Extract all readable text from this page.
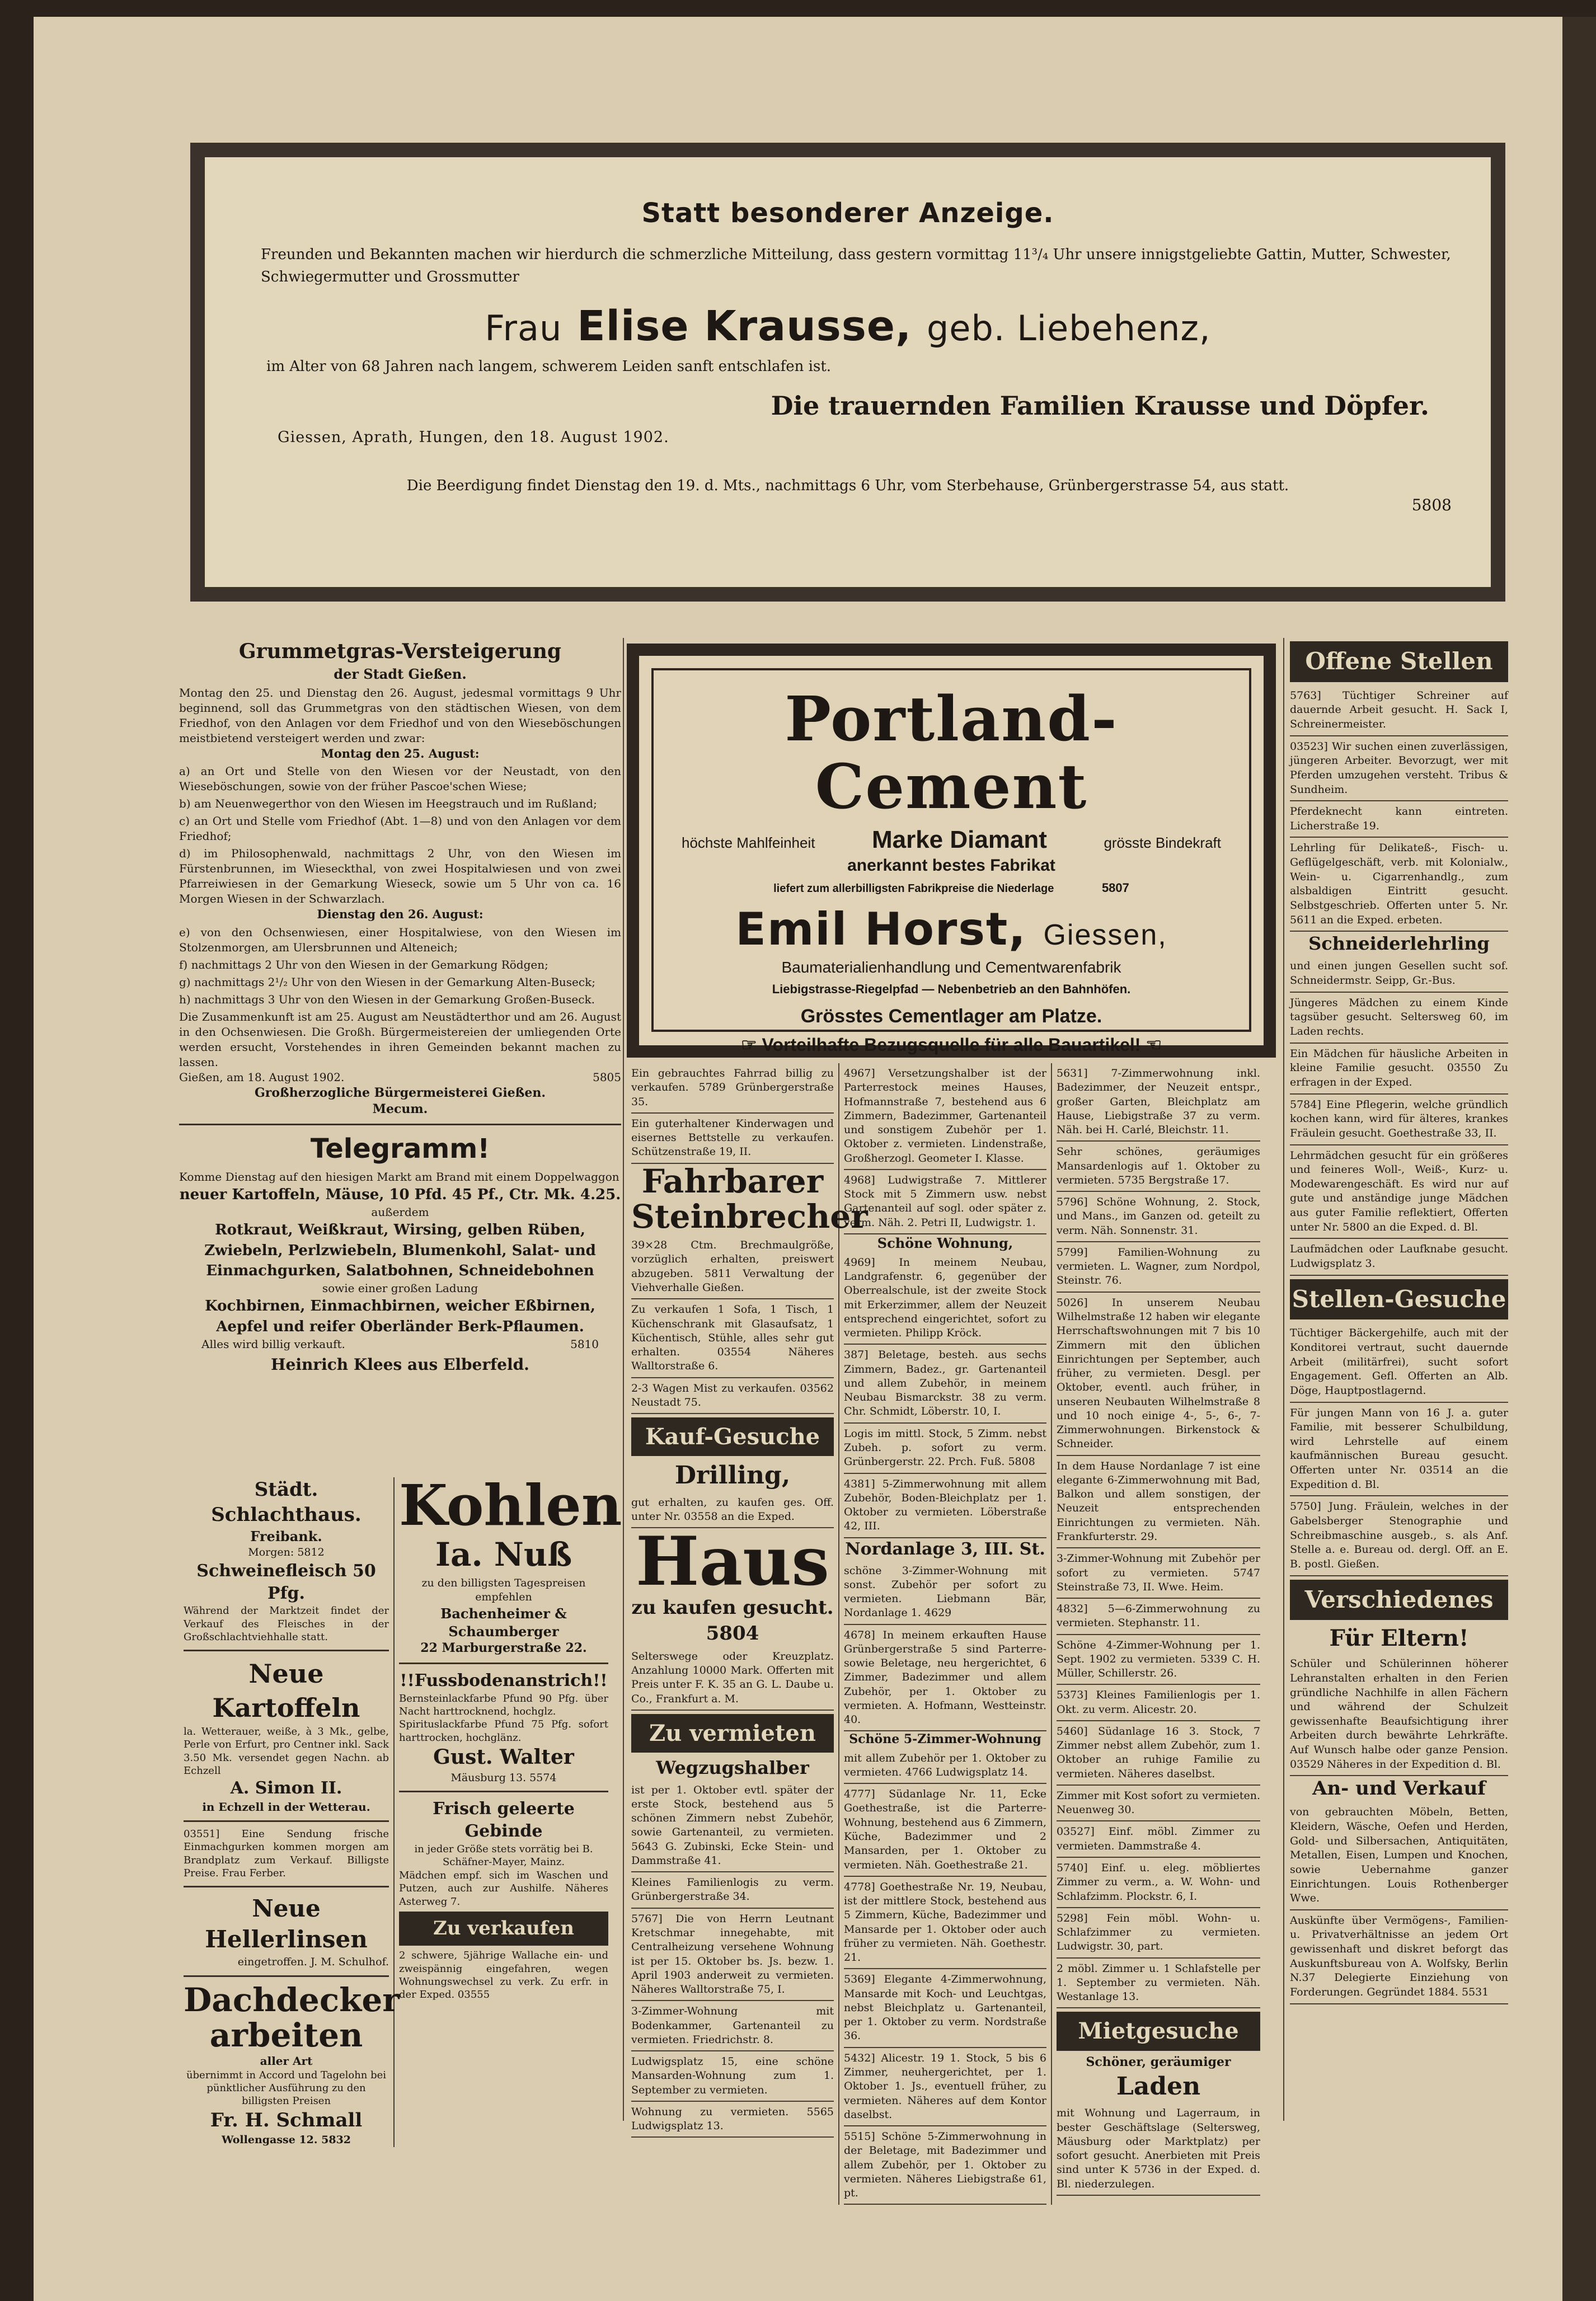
Statt besonderer Anzeige.
Freunden und Bekannten machen wir hierdurch die schmerzliche Mitteilung, dass gestern vormittag 11³/₄ Uhr unsere innigstgeliebte Gattin, Mutter, Schwester, Schwiegermutter und Grossmutter
Frau Elise Krausse, geb. Liebehenz,
im Alter von 68 Jahren nach langem, schwerem Leiden sanft entschlafen ist.
Die trauernden Familien Krausse und Döpfer.
Giessen, Aprath, Hungen, den 18. August 1902.
5808
Die Beerdigung findet Dienstag den 19. d. Mts., nachmittags 6 Uhr, vom Sterbehause, Grünbergerstrasse 54, aus statt.
Grummetgras-Versteigerung
der Stadt Gießen.
Montag den 25. und Dienstag den 26. August, jedesmal vormittags 9 Uhr beginnend, soll das Grummetgras von den städtischen Wiesen, von dem Friedhof, von den Anlagen vor dem Friedhof und von den Wieseböschungen meistbietend versteigert werden und zwar:
Montag den 25. August:
a) an Ort und Stelle von den Wiesen vor der Neustadt, von den Wieseböschungen, sowie von der früher Pascoe'schen Wiese;
b) am Neuenwegerthor von den Wiesen im Heegstrauch und im Rußland;
c) an Ort und Stelle vom Friedhof (Abt. 1—8) und von den Anlagen vor dem Friedhof;
d) im Philosophenwald, nachmittags 2 Uhr, von den Wiesen im Fürstenbrunnen, im Wieseckthal, von zwei Hospitalwiesen und von zwei Pfarreiwiesen in der Gemarkung Wieseck, sowie um 5 Uhr von ca. 16 Morgen Wiesen in der Schwarzlach.
Dienstag den 26. August:
e) von den Ochsenwiesen, einer Hospitalwiese, von den Wiesen im Stolzenmorgen, am Ulersbrunnen und Alteneich;
f) nachmittags 2 Uhr von den Wiesen in der Gemarkung Rödgen;
g) nachmittags 2¹/₂ Uhr von den Wiesen in der Gemarkung Alten-Buseck;
h) nachmittags 3 Uhr von den Wiesen in der Gemarkung Großen-Buseck.
Die Zusammenkunft ist am 25. August am Neustädterthor und am 26. August in den Ochsenwiesen. Die Großh. Bürgermeistereien der umliegenden Orte werden ersucht, Vorstehendes in ihren Gemeinden bekannt machen zu lassen.
Gießen, am 18. August 1902.	5805
Großherzogliche Bürgermeisterei Gießen.
Mecum.
Telegramm!
Komme Dienstag auf den hiesigen Markt am Brand mit einem Doppelwaggon
neuer Kartoffeln, Mäuse, 10 Pfd. 45 Pf., Ctr. Mk. 4.25.
außerdem
Rotkraut, Weißkraut, Wirsing, gelben Rüben, Zwiebeln, Perlzwiebeln, Blumenkohl, Salat- und Einmachgurken, Salatbohnen, Schneidebohnen
sowie einer großen Ladung
Kochbirnen, Einmachbirnen, weicher Eßbirnen, Aepfel und reifer Oberländer Berk-Pflaumen.
Alles wird billig verkauft.	5810
Heinrich Klees aus Elberfeld.
Städt. Schlachthaus.
Freibank.
Morgen: 5812
Schweinefleisch 50 Pfg.
Während der Marktzeit findet der Verkauf des Fleisches in der Großschlachtviehhalle statt.
Neue Kartoffeln
la. Wetterauer, weiße, à 3 Mk., gelbe, Perle von Erfurt, pro Centner inkl. Sack 3.50 Mk. versendet gegen Nachn. ab Echzell
A. Simon II.
in Echzell in der Wetterau.
03551] Eine Sendung frische Einmachgurken kommen morgen am Brandplatz zum Verkauf. Billigste Preise. Frau Ferber.
Neue Hellerlinsen
eingetroffen. J. M. Schulhof.
Dachdecker arbeiten
aller Art
übernimmt in Accord und Tagelohn bei pünktlicher Ausführung zu den billigsten Preisen
Fr. H. Schmall
Wollengasse 12. 5832
Kohlen
Ia. Nuß
zu den billigsten Tagespreisen empfehlen
Bachenheimer & Schaumberger
22 Marburgerstraße 22.
!!Fussbodenanstrich!!
Bernsteinlackfarbe Pfund 90 Pfg. über Nacht harttrocknend, hochglz.
Spirituslackfarbe Pfund 75 Pfg. sofort harttrocken, hochglänz.
Gust. Walter
Mäusburg 13. 5574
Frisch geleerte Gebinde
in jeder Größe stets vorrätig bei B. Schäfner-Mayer, Mainz.
Mädchen empf. sich im Waschen und Putzen, auch zur Aushilfe. Näheres Asterweg 7.
Zu verkaufen
2 schwere, 5jährige Wallache ein- und zweispännig eingefahren, wegen Wohnungswechsel zu verk. Zu erfr. in der Exped. 03555
Portland-Cement
höchste Mahlfeinheit Marke Diamant	grösste Bindekraft
anerkannt bestes Fabrikat
liefert zum allerbilligsten Fabrikpreise die Niederlage	5807
Emil Horst, Giessen,
Baumaterialienhandlung und Cementwarenfabrik
Liebigstrasse-Riegelpfad — Nebenbetrieb an den Bahnhöfen.
Grösstes Cementlager am Platze.
☞ Vorteilhafte Bezugsquelle für alle Bauartikel! ☜
Ein gebrauchtes Fahrrad billig zu verkaufen. 5789 Grünbergerstraße 35.
Ein guterhaltener Kinderwagen und eisernes Bettstelle zu verkaufen. Schützenstraße 19, II.
Fahrbarer Steinbrecher
39×28 Ctm. Brechmaulgröße, vorzüglich erhalten, preiswert abzugeben. 5811 Verwaltung der Viehverhalle Gießen.
Zu verkaufen 1 Sofa, 1 Tisch, 1 Küchenschrank mit Glasaufsatz, 1 Küchentisch, Stühle, alles sehr gut erhalten. 03554 Näheres Walltorstraße 6.
2-3 Wagen Mist zu verkaufen. 03562 Neustadt 75.
Kauf-Gesuche
Drilling,
gut erhalten, zu kaufen ges. Off. unter Nr. 03558 an die Exped.
Haus
zu kaufen gesucht. 5804
Selterswege oder Kreuzplatz. Anzahlung 10000 Mark. Offerten mit Preis unter F. K. 35 an G. L. Daube u. Co., Frankfurt a. M.
Zu vermieten
Wegzugshalber
ist per 1. Oktober evtl. später der erste Stock, bestehend aus 5 schönen Zimmern nebst Zubehör, sowie Gartenanteil, zu vermieten. 5643 G. Zubinski, Ecke Stein- und Dammstraße 41.
Kleines Familienlogis zu verm. Grünbergerstraße 34.
5767] Die von Herrn Leutnant Kretschmar innegehabte, mit Centralheizung versehene Wohnung ist per 15. Oktober bs. Js. bezw. 1. April 1903 anderweit zu vermieten. Näheres Walltorstraße 75, I.
3-Zimmer-Wohnung mit Bodenkammer, Gartenanteil zu vermieten. Friedrichstr. 8.
Ludwigsplatz 15, eine schöne Mansarden-Wohnung zum 1. September zu vermieten.
Wohnung zu vermieten. 5565 Ludwigsplatz 13.
4967] Versetzungshalber ist der Parterrestock meines Hauses, Hofmannstraße 7, bestehend aus 6 Zimmern, Badezimmer, Gartenanteil und sonstigem Zubehör per 1. Oktober z. vermieten. Lindenstraße, Großherzogl. Geometer I. Klasse.
4968] Ludwigstraße 7. Mittlerer Stock mit 5 Zimmern usw. nebst Gartenanteil auf sogl. oder später z. verm. Näh. 2. Petri II, Ludwigstr. 1.
Schöne Wohnung,
4969] In meinem Neubau, Landgrafenstr. 6, gegenüber der Oberrealschule, ist der zweite Stock mit Erkerzimmer, allem der Neuzeit entsprechend eingerichtet, sofort zu vermieten. Philipp Kröck.
387] Beletage, besteh. aus sechs Zimmern, Badez., gr. Gartenanteil und allem Zubehör, in meinem Neubau Bismarckstr. 38 zu verm. Chr. Schmidt, Löberstr. 10, I.
Logis im mittl. Stock, 5 Zimm. nebst Zubeh. p. sofort zu verm. Grünbergerstr. 22. Prch. Fuß. 5808
4381] 5-Zimmerwohnung mit allem Zubehör, Boden-Bleichplatz per 1. Oktober zu vermieten. Löberstraße 42, III.
Nordanlage 3, III. St.
schöne 3-Zimmer-Wohnung mit sonst. Zubehör per sofort zu vermieten. Liebmann Bär, Nordanlage 1. 4629
4678] In meinem erkauften Hause Grünbergerstraße 5 sind Parterre- sowie Beletage, neu hergerichtet, 6 Zimmer, Badezimmer und allem Zubehör, per 1. Oktober zu vermieten. A. Hofmann, Westteinstr. 40.
Schöne 5-Zimmer-Wohnung
mit allem Zubehör per 1. Oktober zu vermieten. 4766 Ludwigsplatz 14.
4777] Südanlage Nr. 11, Ecke Goethestraße, ist die Parterre-Wohnung, bestehend aus 6 Zimmern, Küche, Badezimmer und 2 Mansarden, per 1. Oktober zu vermieten. Näh. Goethestraße 21.
4778] Goethestraße Nr. 19, Neubau, ist der mittlere Stock, bestehend aus 5 Zimmern, Küche, Badezimmer und Mansarde per 1. Oktober oder auch früher zu vermieten. Näh. Goethestr. 21.
5369] Elegante 4-Zimmerwohnung, Mansarde mit Koch- und Leuchtgas, nebst Bleichplatz u. Gartenanteil, per 1. Oktober zu verm. Nordstraße 36.
5432] Alicestr. 19 1. Stock, 5 bis 6 Zimmer, neuhergerichtet, per 1. Oktober 1. Js., eventuell früher, zu vermieten. Näheres auf dem Kontor daselbst.
5515] Schöne 5-Zimmerwohnung in der Beletage, mit Badezimmer und allem Zubehör, per 1. Oktober zu vermieten. Näheres Liebigstraße 61, pt.
5631] 7-Zimmerwohnung inkl. Badezimmer, der Neuzeit entspr., großer Garten, Bleichplatz am Hause, Liebigstraße 37 zu verm. Näh. bei H. Carlé, Bleichstr. 11.
Sehr schönes, geräumiges Mansardenlogis auf 1. Oktober zu vermieten. 5735 Bergstraße 17.
5796] Schöne Wohnung, 2. Stock, und Mans., im Ganzen od. geteilt zu verm. Näh. Sonnenstr. 31.
5799] Familien-Wohnung zu vermieten. L. Wagner, zum Nordpol, Steinstr. 76.
5026] In unserem Neubau Wilhelmstraße 12 haben wir elegante Herrschaftswohnungen mit 7 bis 10 Zimmern mit den üblichen Einrichtungen per September, auch früher, zu vermieten. Desgl. per Oktober, eventl. auch früher, in unseren Neubauten Wilhelmstraße 8 und 10 noch einige 4-, 5-, 6-, 7-Zimmerwohnungen. Birkenstock & Schneider.
In dem Hause Nordanlage 7 ist eine elegante 6-Zimmerwohnung mit Bad, Balkon und allem sonstigen, der Neuzeit entsprechenden Einrichtungen zu vermieten. Näh. Frankfurterstr. 29.
3-Zimmer-Wohnung mit Zubehör per sofort zu vermieten. 5747 Steinstraße 73, II. Wwe. Heim.
4832] 5—6-Zimmerwohnung zu vermieten. Stephanstr. 11.
Schöne 4-Zimmer-Wohnung per 1. Sept. 1902 zu vermieten. 5339 C. H. Müller, Schillerstr. 26.
5373] Kleines Familienlogis per 1. Okt. zu verm. Alicestr. 20.
5460] Südanlage 16 3. Stock, 7 Zimmer nebst allem Zubehör, zum 1. Oktober an ruhige Familie zu vermieten. Näheres daselbst.
Zimmer mit Kost sofort zu vermieten. Neuenweg 30.
03527] Einf. möbl. Zimmer zu vermieten. Dammstraße 4.
5740] Einf. u. eleg. möbliertes Zimmer zu verm., a. W. Wohn- und Schlafzimm. Plockstr. 6, I.
5298] Fein möbl. Wohn- u. Schlafzimmer zu vermieten. Ludwigstr. 30, part.
2 möbl. Zimmer u. 1 Schlafstelle per 1. September zu vermieten. Näh. Westanlage 13.
Mietgesuche
Schöner, geräumiger
Laden
mit Wohnung und Lagerraum, in bester Geschäftslage (Seltersweg, Mäusburg oder Marktplatz) per sofort gesucht. Anerbieten mit Preis sind unter K 5736 in der Exped. d. Bl. niederzulegen.
Offene Stellen
5763] Tüchtiger Schreiner auf dauernde Arbeit gesucht. H. Sack I, Schreinermeister.
03523] Wir suchen einen zuverlässigen, jüngeren Arbeiter. Bevorzugt, wer mit Pferden umzugehen versteht. Tribus & Sundheim.
Pferdeknecht kann eintreten. Licherstraße 19.
Lehrling für Delikateß-, Fisch- u. Geflügelgeschäft, verb. mit Kolonialw., Wein- u. Cigarrenhandlg., zum alsbaldigen Eintritt gesucht. Selbstgeschrieb. Offerten unter 5. Nr. 5611 an die Exped. erbeten.
Schneiderlehrling
und einen jungen Gesellen sucht sof. Schneidermstr. Seipp, Gr.-Bus.
Jüngeres Mädchen zu einem Kinde tagsüber gesucht. Seltersweg 60, im Laden rechts.
Ein Mädchen für häusliche Arbeiten in kleine Familie gesucht. 03550 Zu erfragen in der Exped.
5784] Eine Pflegerin, welche gründlich kochen kann, wird für älteres, krankes Fräulein gesucht. Goethestraße 33, II.
Lehrmädchen gesucht für ein größeres und feineres Woll-, Weiß-, Kurz- u. Modewarengeschäft. Es wird nur auf gute und anständige junge Mädchen aus guter Familie reflektiert, Offerten unter Nr. 5800 an die Exped. d. Bl.
Laufmädchen oder Laufknabe gesucht. Ludwigsplatz 3.
Stellen-Gesuche
Tüchtiger Bäckergehilfe, auch mit der Konditorei vertraut, sucht dauernde Arbeit (militärfrei), sucht sofort Engagement. Gefl. Offerten an Alb. Döge, Hauptpostlagernd.
Für jungen Mann von 16 J. a. guter Familie, mit besserer Schulbildung, wird Lehrstelle auf einem kaufmännischen Bureau gesucht. Offerten unter Nr. 03514 an die Expedition d. Bl.
5750] Jung. Fräulein, welches in der Gabelsberger Stenographie und Schreibmaschine ausgeb., s. als Anf. Stelle a. e. Bureau od. dergl. Off. an E. B. postl. Gießen.
Verschiedenes
Für Eltern!
Schüler und Schülerinnen höherer Lehranstalten erhalten in den Ferien gründliche Nachhilfe in allen Fächern und während der Schulzeit gewissenhafte Beaufsichtigung ihrer Arbeiten durch bewährte Lehrkräfte. Auf Wunsch halbe oder ganze Pension. 03529 Näheres in der Expedition d. Bl.
An- und Verkauf
von gebrauchten Möbeln, Betten, Kleidern, Wäsche, Oefen und Herden, Gold- und Silbersachen, Antiquitäten, Metallen, Eisen, Lumpen und Knochen, sowie Uebernahme ganzer Einrichtungen. Louis Rothenberger Wwe.
Auskünfte über Vermögens-, Familien- u. Privatverhältnisse an jedem Ort gewissenhaft und diskret beforgt das Auskunftsbureau von A. Wolfsky, Berlin N.37 Delegierte Einziehung von Forderungen. Gegründet 1884. 5531
